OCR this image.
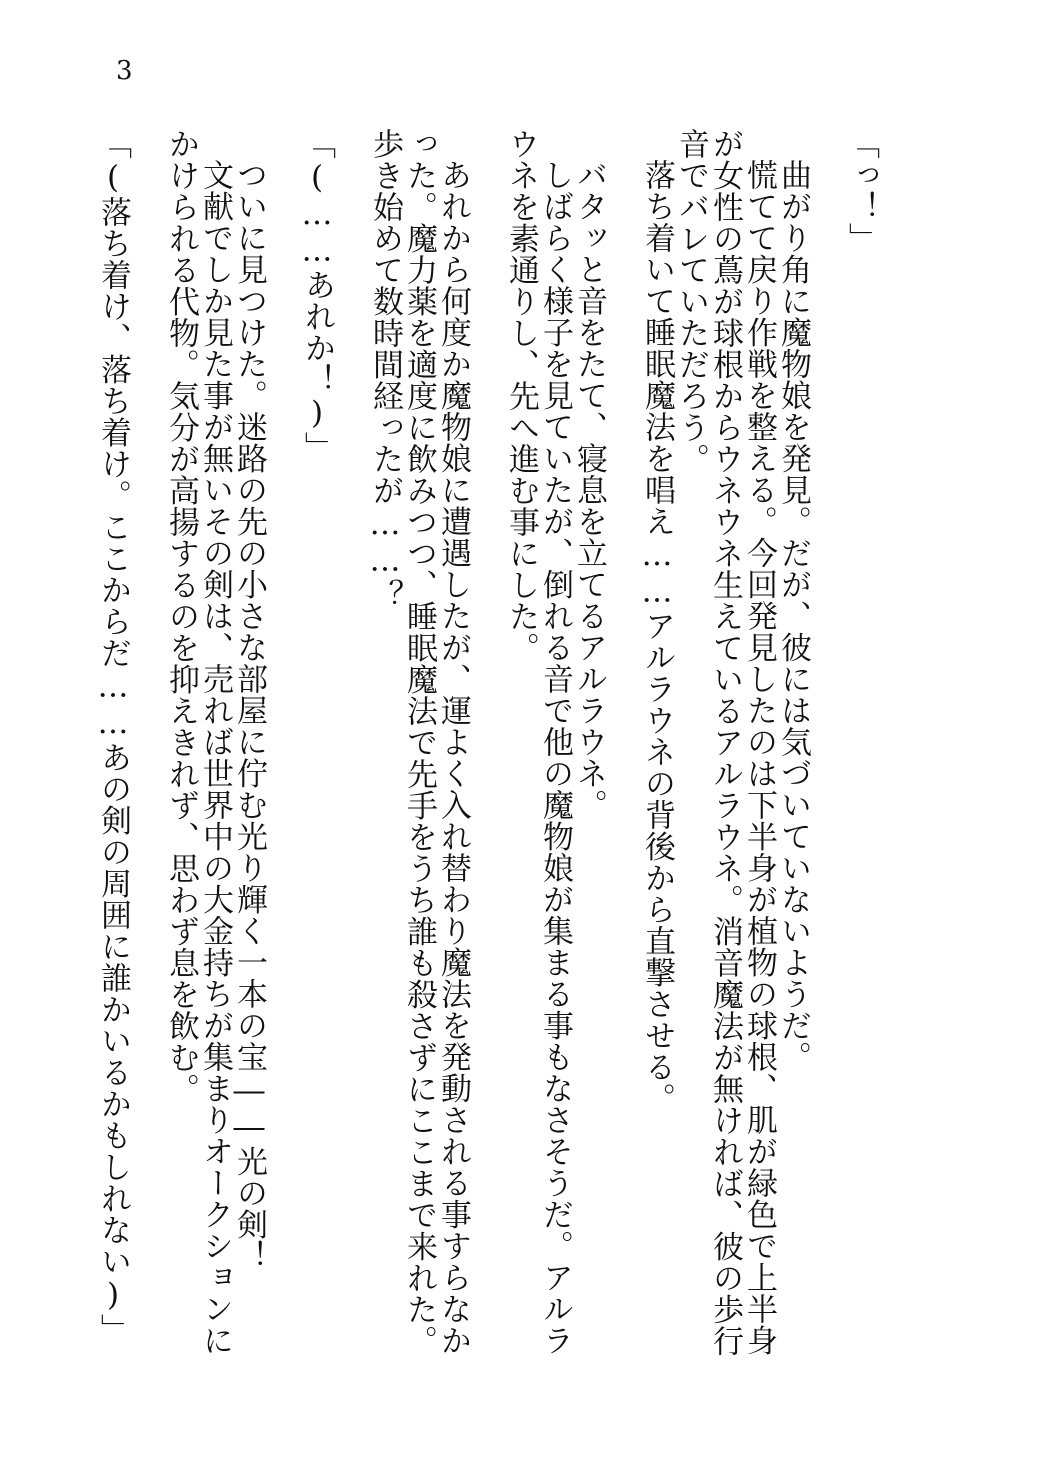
3
「っ！」
曲がり角に魔物娘を発見。だが、彼には気づいていないようだ。
慌てて戻り作戦を整える。今回発見したのは下半身が植物の球根、肌が緑色で上半身が女性の蔦が球根からウネウネ生えているアルラウネ。消音魔法が無ければ、彼の歩行音でバレていただろう。
落ち着いて睡眠魔法を唱え……アルラウネの背後から直撃させる。
バタッと音をたて、寝息を立てるアルラウネ。
しばらく様子を見ていたが、倒れる音で他の魔物娘が集まる事もなさそうだ。アルラウネを素通りし、先へ進む事にした。
あれから何度か魔物娘に遭遇したが、運よく入れ替わり魔法を発動される事すらなかった。魔力薬を適度に飲みつつ、睡眠魔法で先手をうち誰も殺さずにここまで来れた。歩き始めて数時間経ったが……？
「(……あれか！)」
ついに見つけた。迷路の先の小さな部屋に佇む光り輝く一本の宝――光の剣！
文献でしか見た事が無いその剣は、売れば世界中の大金持ちが集まりオークションにかけられる代物。気分が高揚するのを抑えきれず、思わず息を飲む。
「(落ち着け、落ち着け。ここからだ……あの剣の周囲に誰かいるかもしれない)」
